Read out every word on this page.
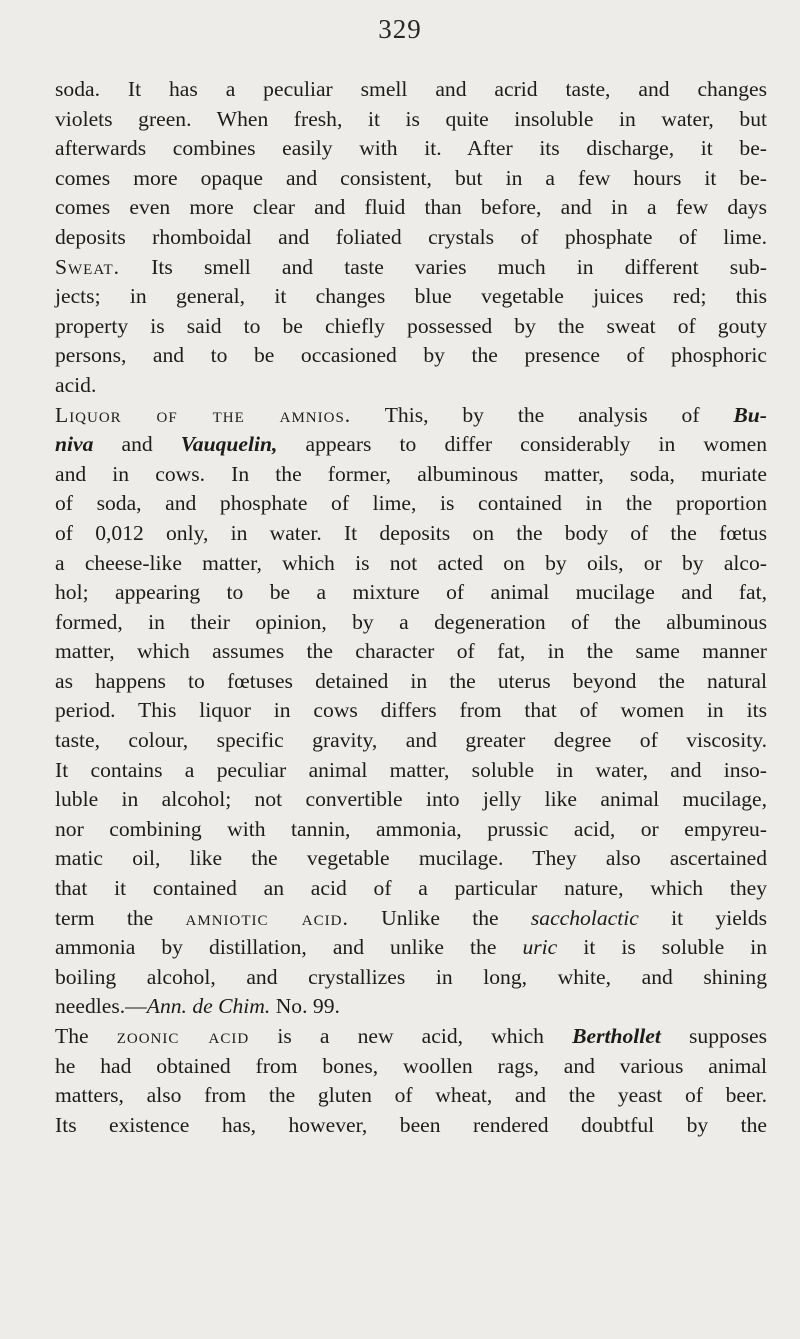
329
soda. It has a peculiar smell and acrid taste, and changes
violets green. When fresh, it is quite insoluble in water, but
afterwards combines easily with it. After its discharge, it be-
comes more opaque and consistent, but in a few hours it be-
comes even more clear and fluid than before, and in a few days
deposits rhomboidal and foliated crystals of phosphate of lime.
Sweat. Its smell and taste varies much in different sub-
jects; in general, it changes blue vegetable juices red; this
property is said to be chiefly possessed by the sweat of gouty
persons, and to be occasioned by the presence of phosphoric
acid.
Liquor of the amnios. This, by the analysis of Bu-
niva and Vauquelin, appears to differ considerably in women
and in cows. In the former, albuminous matter, soda, muriate
of soda, and phosphate of lime, is contained in the proportion
of 0,012 only, in water. It deposits on the body of the fœtus
a cheese-like matter, which is not acted on by oils, or by alco-
hol; appearing to be a mixture of animal mucilage and fat,
formed, in their opinion, by a degeneration of the albuminous
matter, which assumes the character of fat, in the same manner
as happens to fœtuses detained in the uterus beyond the natural
period. This liquor in cows differs from that of women in its
taste, colour, specific gravity, and greater degree of viscosity.
It contains a peculiar animal matter, soluble in water, and inso-
luble in alcohol; not convertible into jelly like animal mucilage,
nor combining with tannin, ammonia, prussic acid, or empyreu-
matic oil, like the vegetable mucilage. They also ascertained
that it contained an acid of a particular nature, which they
term the amniotic acid. Unlike the saccholactic it yields
ammonia by distillation, and unlike the uric it is soluble in
boiling alcohol, and crystallizes in long, white, and shining
needles.—Ann. de Chim. No. 99.
The zoonic acid is a new acid, which Berthollet supposes
he had obtained from bones, woollen rags, and various animal
matters, also from the gluten of wheat, and the yeast of beer.
Its existence has, however, been rendered doubtful by the
